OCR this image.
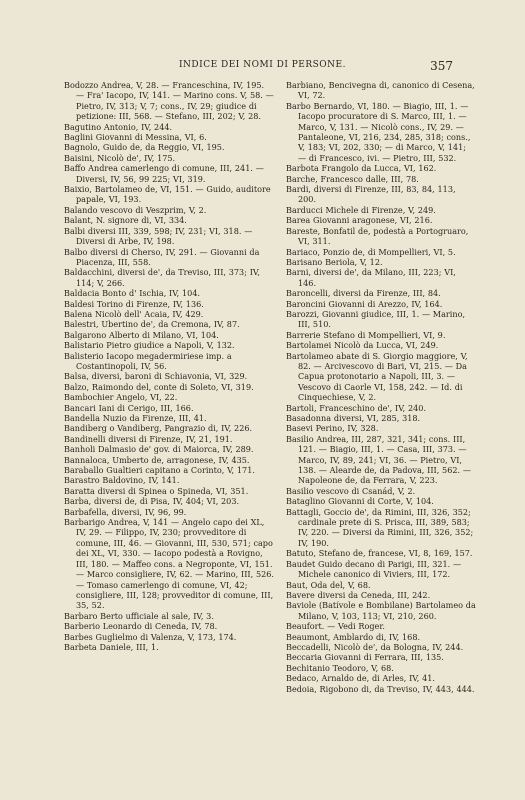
INDICE DEI NOMI DI PERSONE.	357

Bodozzo Andrea, V, 28. — Franceschina, IV, 195. — Fra' Iacopo, IV, 141. — Marino cons. V, 58. — Pietro, IV, 313; V, 7; cons., IV, 29; giudice di petizione: III, 568. — Stefano, III, 202; V, 28.

Bagutino Antonio, IV, 244.

Baglini Giovanni di Messina, VI, 6.

Bagnolo, Guido de, da Reggio, VI, 195.

Baisini, Nicolò de', IV, 175.

Baffo Andrea camerlengo di comune, III, 241. — Diversi, IV, 56, 99 225; VI, 319.

Baixio, Bartolameo de, VI, 151. — Guido, auditore papale, VI, 193.

Balando vescovo di Veszprim, V, 2.

Balant, N. signore di, VI, 334.

Balbi diversi III, 339, 598; IV, 231; VI, 318. — Diversi di Arbe, IV, 198.

Balbo diversi di Cherso, IV, 291. — Giovanni da Piacenza, III, 558.

Baldacchini, diversi de', da Treviso, III, 373; IV, 114; V, 266.

Baldacia Bonto d' Ischia, IV, 104.

Baldesi Torino di Firenze, IV, 136.

Balena Nicolò dell' Acaia, IV, 429.

Balestri, Ubertino de', da Cremona, IV, 87.

Balgarono Alberto di Milano, VI, 104.

Balistario Pietro giudice a Napoli, V, 132.

Balisterio Iacopo megadermiriese imp. a Costantinopoli, IV, 56.

Balsa, diversi, baroni di Schiavonia, VI, 329.

Balzo, Raimondo del, conte di Soleto, VI, 319.

Bambochier Angelo, VI, 22.

Bancari Iani di Cerigo, III, 166.

Bandella Nuzio da Firenze, III, 41.

Bandiberg o Vandiberg, Pangrazio di, IV, 226.

Bandinelli diversi di Firenze, IV, 21, 191.

Banholi Dalmasio de' gov. di Maiorca, IV, 289.

Bannaloca, Umberto de, arragonese, IV, 435.

Baraballo Gualtieri capitano a Corinto, V, 171.

Barastro Baldovino, IV, 141.

Baratta diversi di Spinea o Spineda, VI, 351.

Barba, diversi de, di Pisa, IV, 404; VI, 203.

Barbafella, diversi, IV, 96, 99.

Barbarigo Andrea, V, 141 — Angelo capo dei XL, IV, 29. — Filippo, IV, 230; provveditore di comune, III, 46. — Giovanni, III, 530, 571; capo dei XL, VI, 330. — Iacopo podestà a Rovigno, III, 180. — Maffeo cons. a Negroponte, VI, 151. — Marco consigliere, IV, 62. — Marino, III, 526. — Tomaso camerlengo di comune, VI, 42; consigliere, III, 128; provveditor di comune, III, 35, 52.

Barbaro Berto ufficiale al sale, IV, 3.

Barberio Leonardo di Ceneda, IV, 78.

Barbes Guglielmo di Valenza, V, 173, 174.

Barbeta Daniele, III, 1.

Barbiano, Bencivegna di, canonico di Cesena, VI, 72.

Barbo Bernardo, VI, 180. — Biagio, III, 1. — Iacopo procuratore di S. Marco, III, 1. — Marco, V, 131. — Nicolò cons., IV, 29. — Pantaleone, VI, 216, 234, 285, 318; cons., V, 183; VI, 202, 330; — di Marco, V, 141; — di Francesco, ivi. — Pietro, III, 532.

Barbota Frangolo da Lucca, VI, 162.

Barche, Francesco dalle, III, 78.

Bardi, diversi di Firenze, III, 83, 84, 113, 200.

Barducci Michele di Firenze, V, 249.

Barea Giovanni aragonese, VI, 216.

Bareste, Bonfatil de, podestà a Portogruaro, VI, 311.

Bariaco, Ponzio de, di Mompellieri, VI, 5.

Barisano Beriola, V, 12.

Barni, diversi de', da Milano, III, 223; VI, 146.

Baroncelli, diversi da Firenze, III, 84.

Baroncini Giovanni di Arezzo, IV, 164.

Barozzi, Giovanni giudice, III, 1. — Marino, III, 510.

Barrerie Stefano di Mompellieri, VI, 9.

Bartolamei Nicolò da Lucca, VI, 249.

Bartolameo abate di S. Giorgio maggiore, V, 82. — Arcivescovo di Bari, VI, 215. — Da Capua protonotario a Napoli, III, 3. — Vescovo di Caorle VI, 158, 242. — Id. di Cinquechiese, V, 2.

Bartoli, Franceschino de', IV, 240.

Basadonna diversi, VI, 285, 318.

Basevi Perino, IV, 328.

Basilio Andrea, III, 287, 321, 341; cons. III, 121. — Biagio, III, 1. — Casa, III, 373. — Marco, IV, 89, 241; VI, 36. — Pietro, VI, 138. — Alearde de, da Padova, III, 562. — Napoleone de, da Ferrara, V, 223.

Basilio vescovo di Csanád, V, 2.

Bataglino Giovanni di Corte, V, 104.

Battagli, Goccio de', da Rimini, III, 326, 352; cardinale prete di S. Prisca, III, 389, 583; IV, 220. — Diversi da Rimini, III, 326, 352; IV, 190.

Batuto, Stefano de, francese, VI, 8, 169, 157.

Baudet Guido decano di Parigi, III, 321. — Michele canonico di Viviers, III, 172.

Baut, Oda del, V, 68.

Bavere diversi da Ceneda, III, 242.

Baviole (Batívole e Bombilane) Bartolameo da Milano, V, 103, 113; VI, 210, 260.

Beaufort. — Vedi Roger.

Beaumont, Amblardo di, IV, 168.

Beccadelli, Nicolò de', da Bologna, IV, 244.

Beccaria Giovanni di Ferrara, III, 135.

Bechitanio Teodoro, V, 68.

Bedaco, Arnaldo de, di Arles, IV, 41.

Bedoia, Rigobono di, da Treviso, IV, 443, 444.
